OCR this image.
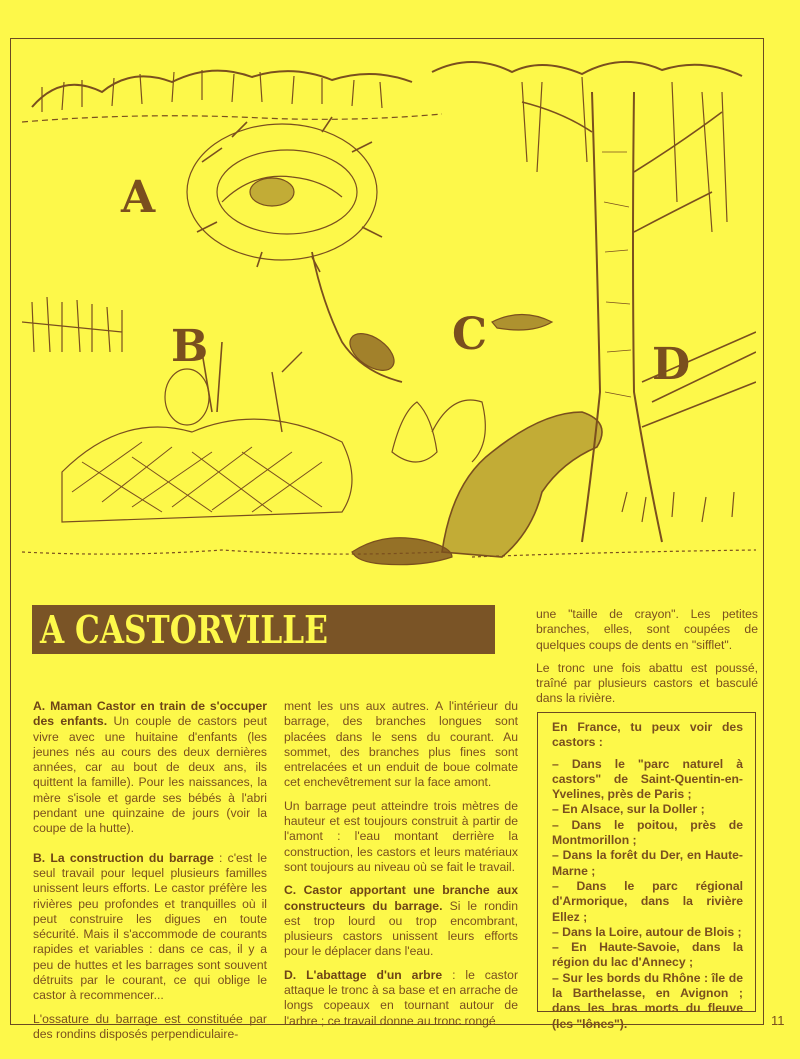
A
B	C
D
A CASTORVILLE

A. Maman Castor en train de s'occuper des enfants. Un couple de castors peut vivre avec une huitaine d'enfants (les jeunes nés au cours des deux dernières années, car au bout de deux ans, ils quittent la famille). Pour les naissances, la mère s'isole et garde ses bébés à l'abri pendant une quinzaine de jours (voir la coupe de la hutte).

B. La construction du barrage : c'est le seul travail pour lequel plusieurs familles unissent leurs efforts. Le castor préfère les rivières peu profondes et tranquilles où il peut construire les digues en toute sécurité. Mais il s'accommode de courants rapides et variables : dans ce cas, il y a peu de huttes et les barrages sont souvent détruits par le courant, ce qui oblige le castor à recommencer...

L'ossature du barrage est constituée par des rondins disposés perpendiculaire-

ment les uns aux autres. A l'intérieur du barrage, des branches longues sont placées dans le sens du courant. Au sommet, des branches plus fines sont entrelacées et un enduit de boue colmate cet enchevêtrement sur la face amont.

Un barrage peut atteindre trois mètres de hauteur et est toujours construit à partir de l'amont : l'eau montant derrière la construction, les castors et leurs matériaux sont toujours au niveau où se fait le travail.

C. Castor apportant une branche aux constructeurs du barrage. Si le rondin est trop lourd ou trop encombrant, plusieurs castors unissent leurs efforts pour le déplacer dans l'eau.

D. L'abattage d'un arbre : le castor attaque le tronc à sa base et en arrache de longs copeaux en tournant autour de l'arbre ; ce travail donne au tronc rongé

une "taille de crayon". Les petites branches, elles, sont coupées de quelques coups de dents en "sifflet".

Le tronc une fois abattu est poussé, traîné par plusieurs castors et basculé dans la rivière.

En France, tu peux voir des castors :

– Dans le "parc naturel à castors" de Saint-Quentin-en-Yvelines, près de Paris ;

– En Alsace, sur la Doller ;

– Dans le poitou, près de Montmorillon ;

– Dans la forêt du Der, en Haute-Marne ;

– Dans le parc régional d'Armorique, dans la rivière Ellez ;

– Dans la Loire, autour de Blois ;

– En Haute-Savoie, dans la région du lac d'Annecy ;

– Sur les bords du Rhône : île de la Barthelasse, en Avignon ; dans les bras morts du fleuve (les "lônes").	11
